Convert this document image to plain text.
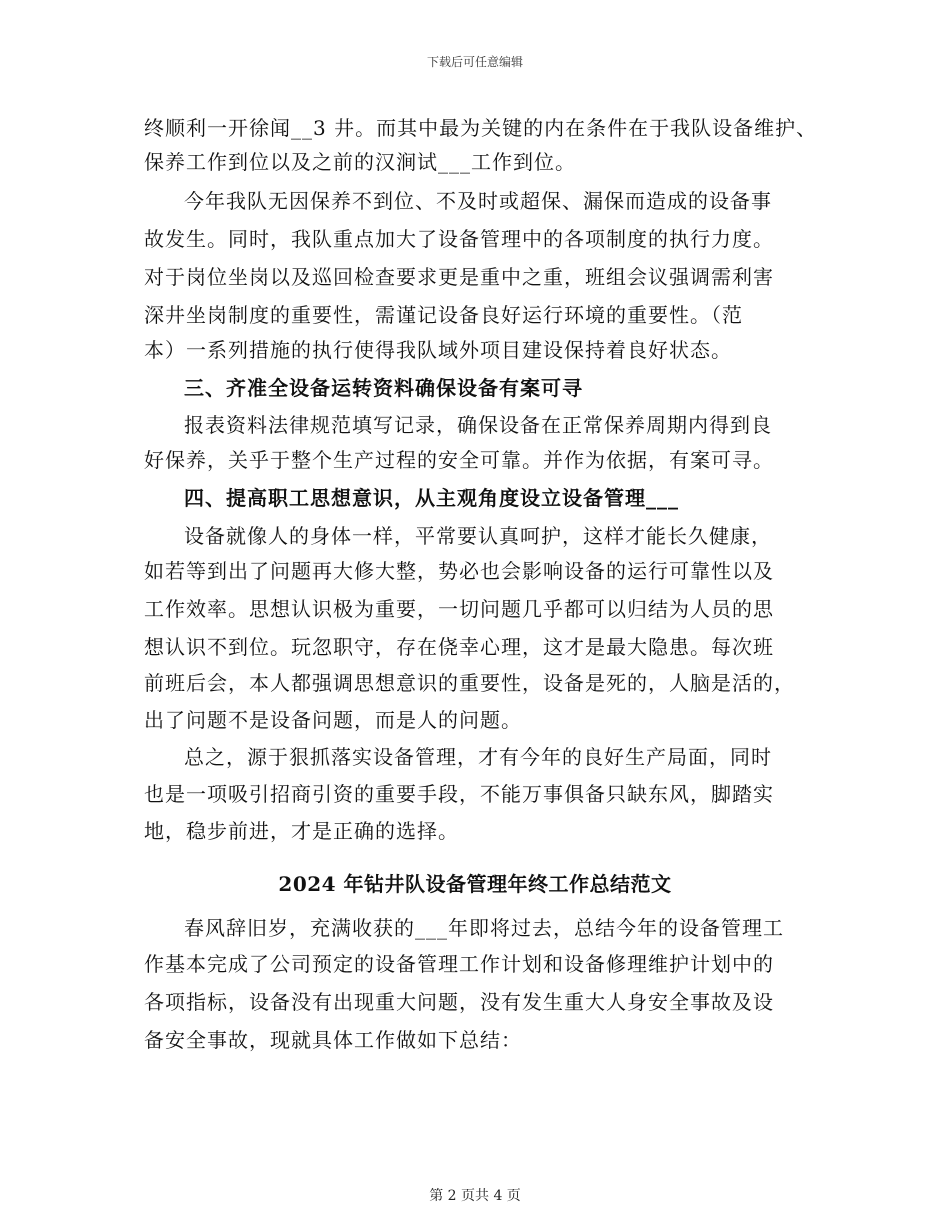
下载后可任意编辑
终顺利一开徐闻__3 井。而其中最为关键的内在条件在于我队设备维护、
保养工作到位以及之前的汉涧试___工作到位。
今年我队无因保养不到位、不及时或超保、漏保而造成的设备事
故发生。同时，我队重点加大了设备管理中的各项制度的执行力度。
对于岗位坐岗以及巡回检查要求更是重中之重，班组会议强调需利害
深井坐岗制度的重要性，需谨记设备良好运行环境的重要性。（范
本）一系列措施的执行使得我队域外项目建设保持着良好状态。
三、齐准全设备运转资料确保设备有案可寻
报表资料法律规范填写记录，确保设备在正常保养周期内得到良
好保养，关乎于整个生产过程的安全可靠。并作为依据，有案可寻。
四、提高职工思想意识，从主观角度设立设备管理___
设备就像人的身体一样，平常要认真呵护，这样才能长久健康，
如若等到出了问题再大修大整，势必也会影响设备的运行可靠性以及
工作效率。思想认识极为重要，一切问题几乎都可以归结为人员的思
想认识不到位。玩忽职守，存在侥幸心理，这才是最大隐患。每次班
前班后会，本人都强调思想意识的重要性，设备是死的，人脑是活的，
出了问题不是设备问题，而是人的问题。
总之，源于狠抓落实设备管理，才有今年的良好生产局面，同时
也是一项吸引招商引资的重要手段，不能万事俱备只缺东风，脚踏实
地，稳步前进，才是正确的选择。
2024 年钻井队设备管理年终工作总结范文
春风辞旧岁，充满收获的___年即将过去，总结今年的设备管理工
作基本完成了公司预定的设备管理工作计划和设备修理维护计划中的
各项指标，设备没有出现重大问题，没有发生重大人身安全事故及设
备安全事故，现就具体工作做如下总结：
第 2 页共 4 页
